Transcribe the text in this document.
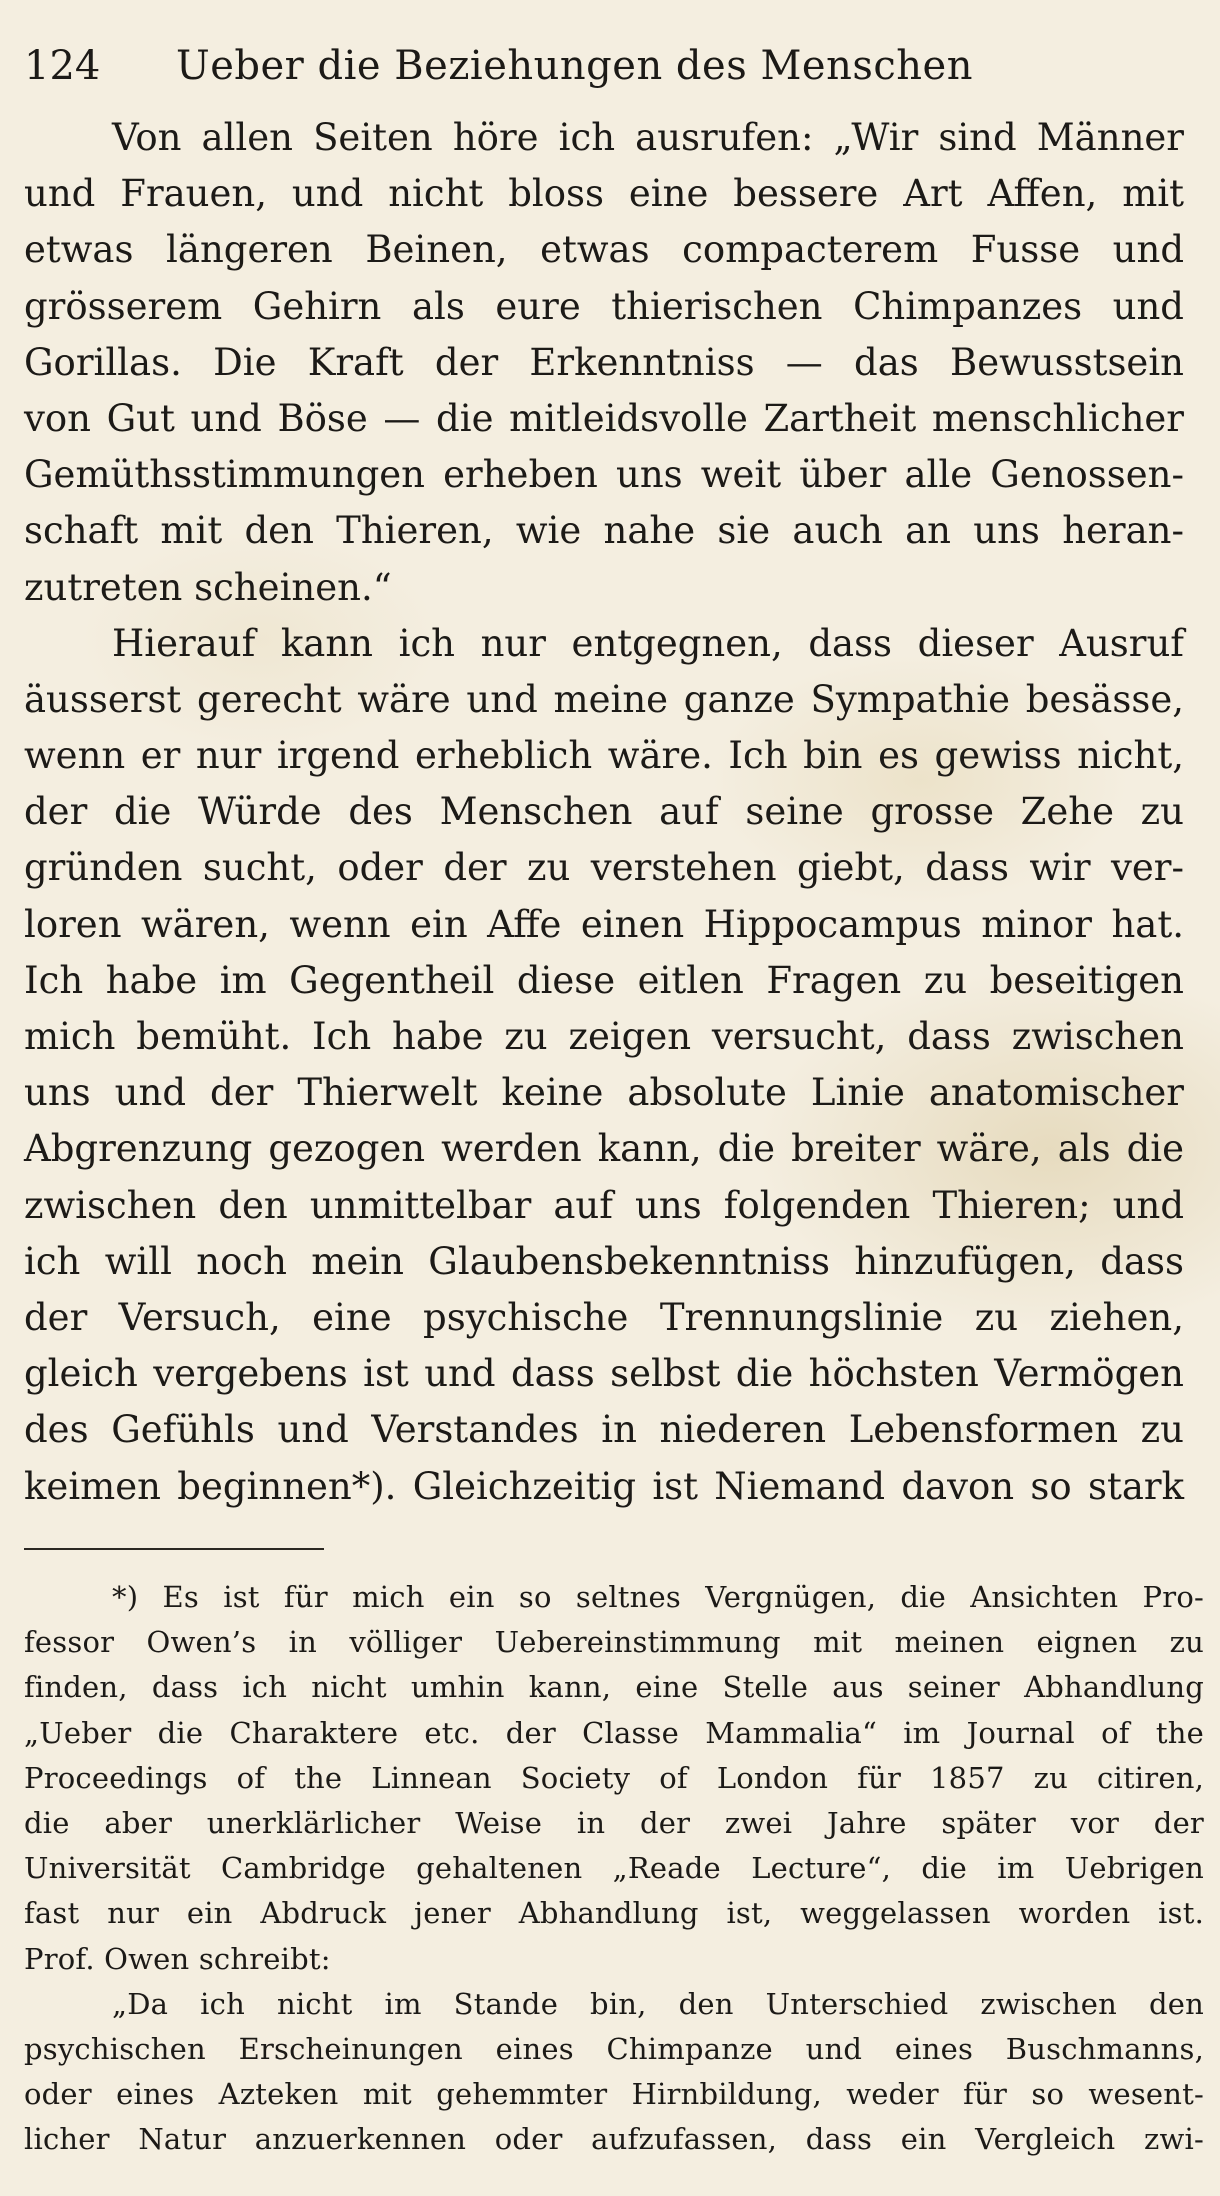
124 Ueber die Beziehungen des Menschen
Von allen Seiten höre ich ausrufen: „Wir sind Männer
und Frauen, und nicht bloss eine bessere Art Affen, mit
etwas längeren Beinen, etwas compacterem Fusse und
grösserem Gehirn als eure thierischen Chimpanzes und
Gorillas. Die Kraft der Erkenntniss — das Bewusstsein
von Gut und Böse — die mitleidsvolle Zartheit menschlicher
Gemüthsstimmungen erheben uns weit über alle Genossen-
schaft mit den Thieren, wie nahe sie auch an uns heran-
zutreten scheinen.“
Hierauf kann ich nur entgegnen, dass dieser Ausruf
äusserst gerecht wäre und meine ganze Sympathie besässe,
wenn er nur irgend erheblich wäre. Ich bin es gewiss nicht,
der die Würde des Menschen auf seine grosse Zehe zu
gründen sucht, oder der zu verstehen giebt, dass wir ver-
loren wären, wenn ein Affe einen Hippocampus minor hat.
Ich habe im Gegentheil diese eitlen Fragen zu beseitigen
mich bemüht. Ich habe zu zeigen versucht, dass zwischen
uns und der Thierwelt keine absolute Linie anatomischer
Abgrenzung gezogen werden kann, die breiter wäre, als die
zwischen den unmittelbar auf uns folgenden Thieren; und
ich will noch mein Glaubensbekenntniss hinzufügen, dass
der Versuch, eine psychische Trennungslinie zu ziehen,
gleich vergebens ist und dass selbst die höchsten Vermögen
des Gefühls und Verstandes in niederen Lebensformen zu
keimen beginnen*). Gleichzeitig ist Niemand davon so stark
*) Es ist für mich ein so seltnes Vergnügen, die Ansichten Pro-
fessor Owen’s in völliger Uebereinstimmung mit meinen eignen zu
finden, dass ich nicht umhin kann, eine Stelle aus seiner Abhandlung
„Ueber die Charaktere etc. der Classe Mammalia“ im Journal of the
Proceedings of the Linnean Society of London für 1857 zu citiren,
die aber unerklärlicher Weise in der zwei Jahre später vor der
Universität Cambridge gehaltenen „Reade Lecture“, die im Uebrigen
fast nur ein Abdruck jener Abhandlung ist, weggelassen worden ist.
Prof. Owen schreibt:
„Da ich nicht im Stande bin, den Unterschied zwischen den
psychischen Erscheinungen eines Chimpanze und eines Buschmanns,
oder eines Azteken mit gehemmter Hirnbildung, weder für so wesent-
licher Natur anzuerkennen oder aufzufassen, dass ein Vergleich zwi-
